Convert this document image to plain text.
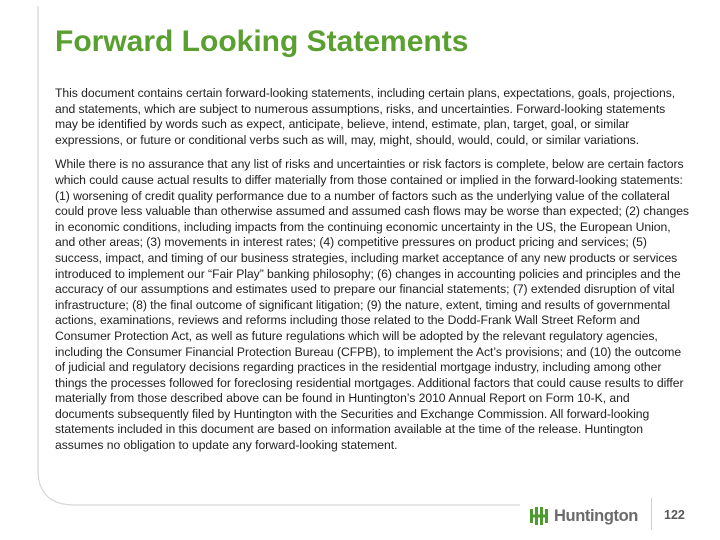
Forward Looking Statements

This document contains certain forward-looking statements, including certain plans, expectations, goals, projections, and statements, which are subject to numerous assumptions, risks, and uncertainties. Forward-looking statements may be identified by words such as expect, anticipate, believe, intend, estimate, plan, target, goal, or similar expressions, or future or conditional verbs such as will, may, might, should, would, could, or similar variations.

While there is no assurance that any list of risks and uncertainties or risk factors is complete, below are certain factors which could cause actual results to differ materially from those contained or implied in the forward-looking statements: (1) worsening of credit quality performance due to a number of factors such as the underlying value of the collateral could prove less valuable than otherwise assumed and assumed cash flows may be worse than expected; (2) changes in economic conditions, including impacts from the continuing economic uncertainty in the US, the European Union, and other areas; (3) movements in interest rates; (4) competitive pressures on product pricing and services; (5) success, impact, and timing of our business strategies, including market acceptance of any new products or services introduced to implement our “Fair Play” banking philosophy; (6) changes in accounting policies and principles and the accuracy of our assumptions and estimates used to prepare our financial statements; (7) extended disruption of vital infrastructure; (8) the final outcome of significant litigation; (9) the nature, extent, timing and results of governmental actions, examinations, reviews and reforms including those related to the Dodd-Frank Wall Street Reform and Consumer Protection Act, as well as future regulations which will be adopted by the relevant regulatory agencies, including the Consumer Financial Protection Bureau (CFPB), to implement the Act’s provisions; and (10) the outcome of judicial and regulatory decisions regarding practices in the residential mortgage industry, including among other things the processes followed for foreclosing residential mortgages. Additional factors that could cause results to differ materially from those described above can be found in Huntington’s 2010 Annual Report on Form 10-K, and documents subsequently filed by Huntington with the Securities and Exchange Commission. All forward-looking statements included in this document are based on information available at the time of the release. Huntington assumes no obligation to update any forward-looking statement.

Huntington 122
